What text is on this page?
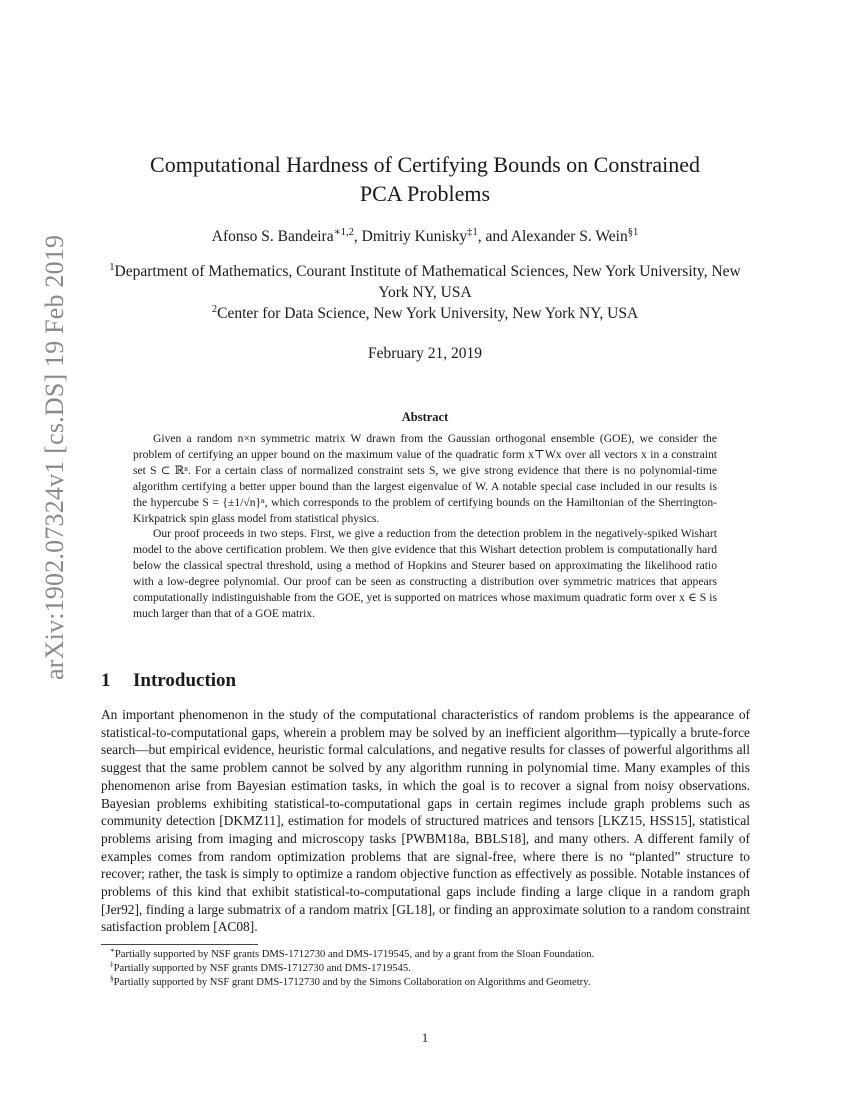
arXiv:1902.07324v1 [cs.DS] 19 Feb 2019
Computational Hardness of Certifying Bounds on Constrained
PCA Problems
Afonso S. Bandeira$^{∗1,2}$, Dmitriy Kunisky$^{\ddagger 1}$, and Alexander S. Wein$^{\S 1}$
$^1$Department of Mathematics, Courant Institute of Mathematical Sciences, New York University, New York NY, USA
$^2$Center for Data Science, New York University, New York NY, USA
February 21, 2019
Abstract

Given a random n×n symmetric matrix W drawn from the Gaussian orthogonal ensemble (GOE), we consider the problem of certifying an upper bound on the maximum value of the quadratic form x⊤Wx over all vectors x in a constraint set S ⊂ ℝⁿ. For a certain class of normalized constraint sets S, we give strong evidence that there is no polynomial-time algorithm certifying a better upper bound than the largest eigenvalue of W. A notable special case included in our results is the hypercube S = {±1/√n}ⁿ, which corresponds to the problem of certifying bounds on the Hamiltonian of the Sherrington-Kirkpatrick spin glass model from statistical physics.

Our proof proceeds in two steps. First, we give a reduction from the detection problem in the negatively-spiked Wishart model to the above certification problem. We then give evidence that this Wishart detection problem is computationally hard below the classical spectral threshold, using a method of Hopkins and Steurer based on approximating the likelihood ratio with a low-degree polynomial. Our proof can be seen as constructing a distribution over symmetric matrices that appears computationally indistinguishable from the GOE, yet is supported on matrices whose maximum quadratic form over x ∈ S is much larger than that of a GOE matrix.

1 Introduction

An important phenomenon in the study of the computational characteristics of random problems is the appearance of statistical-to-computational gaps, wherein a problem may be solved by an inefficient algorithm—typically a brute-force search—but empirical evidence, heuristic formal calculations, and negative results for classes of powerful algorithms all suggest that the same problem cannot be solved by any algorithm running in polynomial time. Many examples of this phenomenon arise from Bayesian estimation tasks, in which the goal is to recover a signal from noisy observations. Bayesian problems exhibiting statistical-to-computational gaps in certain regimes include graph problems such as community detection [DKMZ11], estimation for models of structured matrices and tensors [LKZ15, HSS15], statistical problems arising from imaging and microscopy tasks [PWBM18a, BBLS18], and many others. A different family of examples comes from random optimization problems that are signal-free, where there is no “planted” structure to recover; rather, the task is simply to optimize a random objective function as effectively as possible. Notable instances of problems of this kind that exhibit statistical-to-computational gaps include finding a large clique in a random graph [Jer92], finding a large submatrix of a random matrix [GL18], or finding an approximate solution to a random constraint satisfaction problem [AC08].

∗Partially supported by NSF grants DMS-1712730 and DMS-1719545, and by a grant from the Sloan Foundation.
‡Partially supported by NSF grants DMS-1712730 and DMS-1719545.
§Partially supported by NSF grant DMS-1712730 and by the Simons Collaboration on Algorithms and Geometry.
1
